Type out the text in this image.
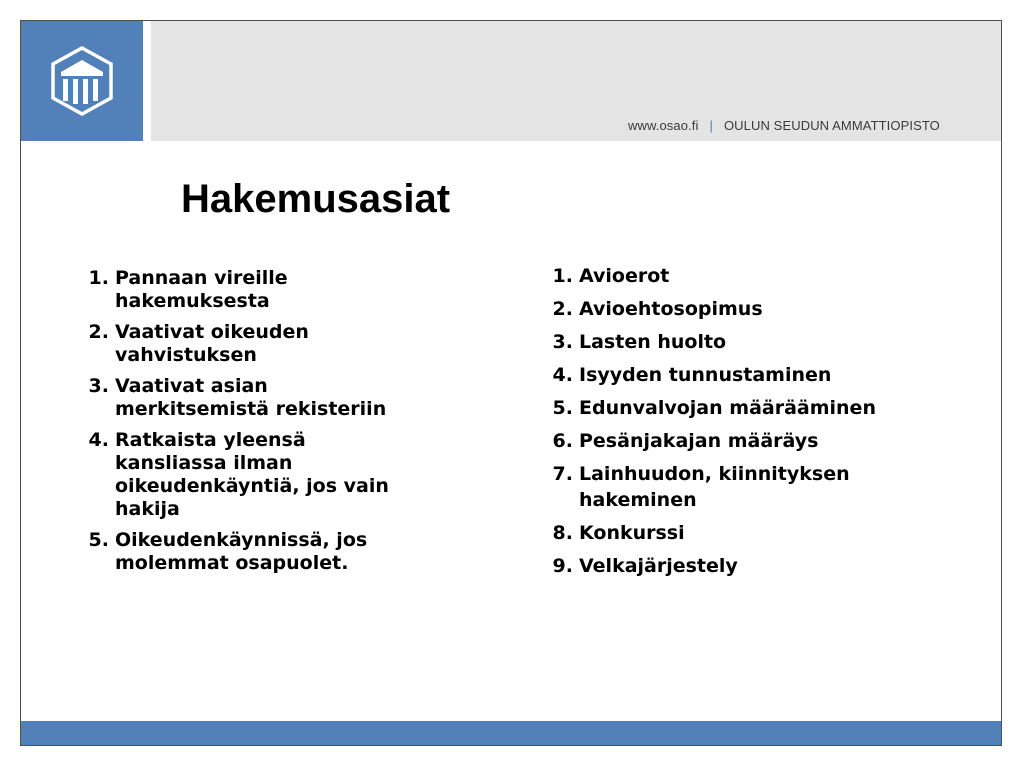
www.osao.fi | OULUN SEUDUN AMMATTIOPISTO
Hakemusasiat
1. Pannaan vireille hakemuksesta
2. Vaativat oikeuden vahvistuksen
3. Vaativat asian merkitsemistä rekisteriin
4. Ratkaista yleensä kansliassa ilman oikeudenkäyntiä, jos vain hakija
5. Oikeudenkäynnissä, jos molemmat osapuolet.
1. Avioerot
2. Avioehtosopimus
3. Lasten huolto
4. Isyyden tunnustaminen
5. Edunvalvojan määrääminen
6. Pesänjakajan määräys
7. Lainhuudon, kiinnityksen hakeminen
8. Konkurssi
9. Velkajärjestely
